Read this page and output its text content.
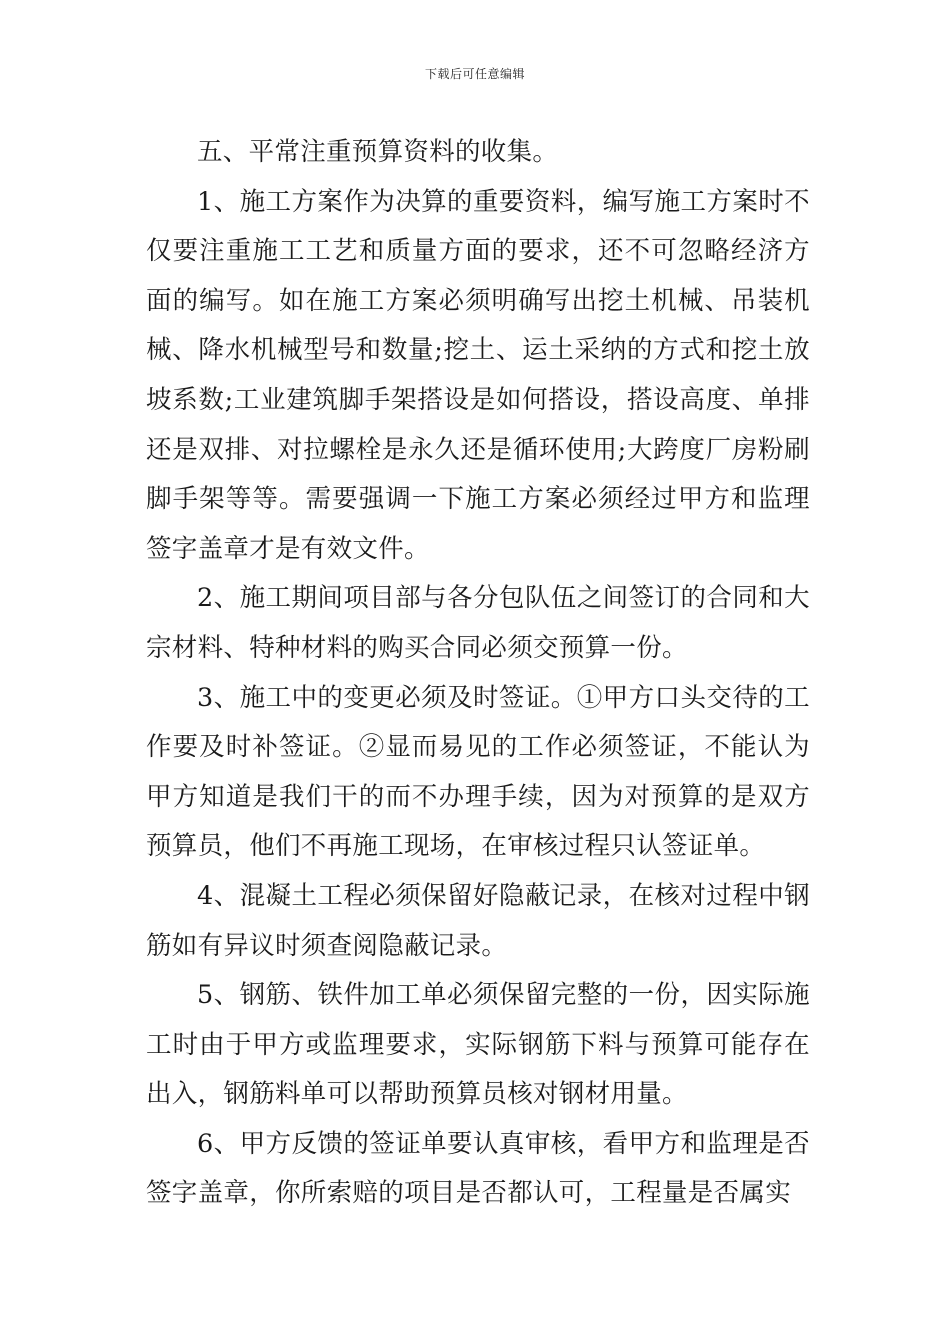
下载后可任意编辑

五、平常注重预算资料的收集。

1、施工方案作为决算的重要资料，编写施工方案时不仅要注重施工工艺和质量方面的要求，还不可忽略经济方面的编写。如在施工方案必须明确写出挖土机械、吊装机械、降水机械型号和数量;挖土、运土采纳的方式和挖土放坡系数;工业建筑脚手架搭设是如何搭设，搭设高度、单排还是双排、对拉螺栓是永久还是循环使用;大跨度厂房粉刷脚手架等等。需要强调一下施工方案必须经过甲方和监理签字盖章才是有效文件。

2、施工期间项目部与各分包队伍之间签订的合同和大宗材料、特种材料的购买合同必须交预算一份。

3、施工中的变更必须及时签证。①甲方口头交待的工作要及时补签证。②显而易见的工作必须签证，不能认为甲方知道是我们干的而不办理手续，因为对预算的是双方预算员，他们不再施工现场，在审核过程只认签证单。

4、混凝土工程必须保留好隐蔽记录，在核对过程中钢筋如有异议时须查阅隐蔽记录。

5、钢筋、铁件加工单必须保留完整的一份，因实际施工时由于甲方或监理要求，实际钢筋下料与预算可能存在出入，钢筋料单可以帮助预算员核对钢材用量。

6、甲方反馈的签证单要认真审核，看甲方和监理是否签字盖章，你所索赔的项目是否都认可，工程量是否属实
